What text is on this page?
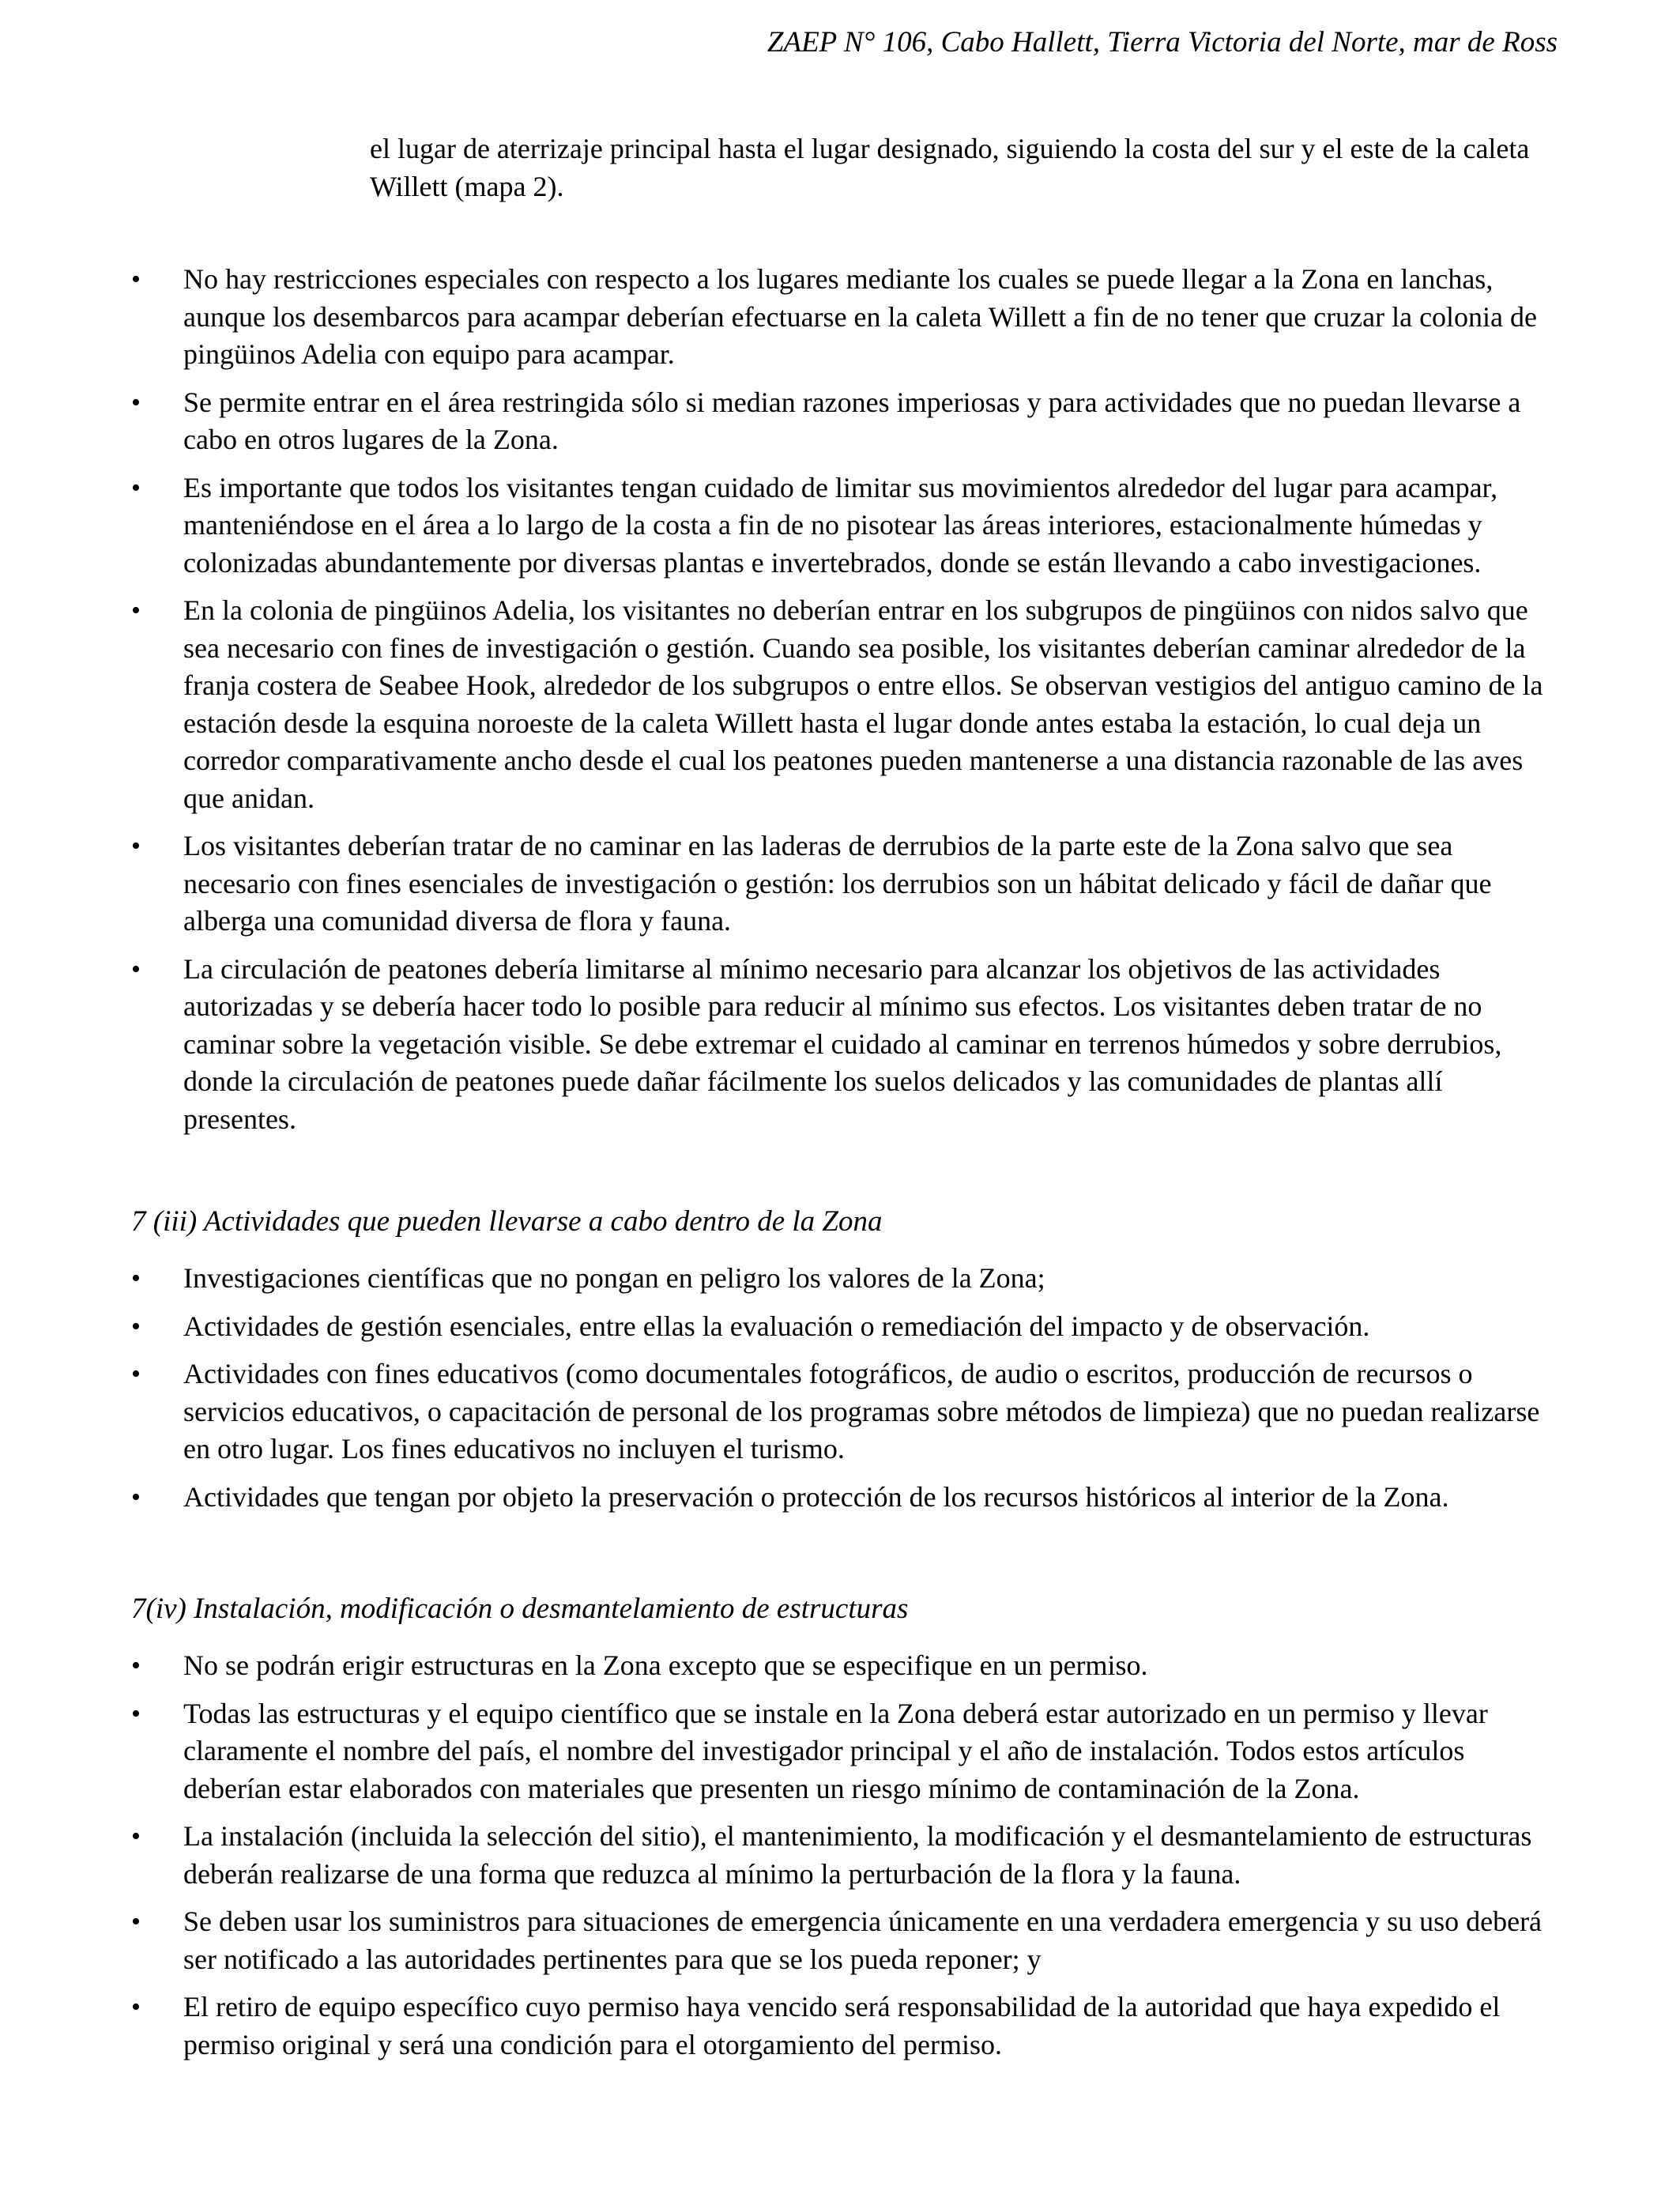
ZAEP N° 106, Cabo Hallett, Tierra Victoria del Norte, mar de Ross

el lugar de aterrizaje principal hasta el lugar designado, siguiendo la costa del sur y el este de la caleta Willett (mapa 2).

• No hay restricciones especiales con respecto a los lugares mediante los cuales se puede llegar a la Zona en lanchas, aunque los desembarcos para acampar deberían efectuarse en la caleta Willett a fin de no tener que cruzar la colonia de pingüinos Adelia con equipo para acampar.
• Se permite entrar en el área restringida sólo si median razones imperiosas y para actividades que no puedan llevarse a cabo en otros lugares de la Zona.
• Es importante que todos los visitantes tengan cuidado de limitar sus movimientos alrededor del lugar para acampar, manteniéndose en el área a lo largo de la costa a fin de no pisotear las áreas interiores, estacionalmente húmedas y colonizadas abundantemente por diversas plantas e invertebrados, donde se están llevando a cabo investigaciones.
• En la colonia de pingüinos Adelia, los visitantes no deberían entrar en los subgrupos de pingüinos con nidos salvo que sea necesario con fines de investigación o gestión. Cuando sea posible, los visitantes deberían caminar alrededor de la franja costera de Seabee Hook, alrededor de los subgrupos o entre ellos. Se observan vestigios del antiguo camino de la estación desde la esquina noroeste de la caleta Willett hasta el lugar donde antes estaba la estación, lo cual deja un corredor comparativamente ancho desde el cual los peatones pueden mantenerse a una distancia razonable de las aves que anidan.
• Los visitantes deberían tratar de no caminar en las laderas de derrubios de la parte este de la Zona salvo que sea necesario con fines esenciales de investigación o gestión: los derrubios son un hábitat delicado y fácil de dañar que alberga una comunidad diversa de flora y fauna.
• La circulación de peatones debería limitarse al mínimo necesario para alcanzar los objetivos de las actividades autorizadas y se debería hacer todo lo posible para reducir al mínimo sus efectos. Los visitantes deben tratar de no caminar sobre la vegetación visible. Se debe extremar el cuidado al caminar en terrenos húmedos y sobre derrubios, donde la circulación de peatones puede dañar fácilmente los suelos delicados y las comunidades de plantas allí presentes.
7 (iii) Actividades que pueden llevarse a cabo dentro de la Zona
• Investigaciones científicas que no pongan en peligro los valores de la Zona;
• Actividades de gestión esenciales, entre ellas la evaluación o remediación del impacto y de observación.
• Actividades con fines educativos (como documentales fotográficos, de audio o escritos, producción de recursos o servicios educativos, o capacitación de personal de los programas sobre métodos de limpieza) que no puedan realizarse en otro lugar. Los fines educativos no incluyen el turismo.
• Actividades que tengan por objeto la preservación o protección de los recursos históricos al interior de la Zona.
7(iv) Instalación, modificación o desmantelamiento de estructuras
• No se podrán erigir estructuras en la Zona excepto que se especifique en un permiso.
• Todas las estructuras y el equipo científico que se instale en la Zona deberá estar autorizado en un permiso y llevar claramente el nombre del país, el nombre del investigador principal y el año de instalación. Todos estos artículos deberían estar elaborados con materiales que presenten un riesgo mínimo de contaminación de la Zona.
• La instalación (incluida la selección del sitio), el mantenimiento, la modificación y el desmantelamiento de estructuras deberán realizarse de una forma que reduzca al mínimo la perturbación de la flora y la fauna.
• Se deben usar los suministros para situaciones de emergencia únicamente en una verdadera emergencia y su uso deberá ser notificado a las autoridades pertinentes para que se los pueda reponer; y
• El retiro de equipo específico cuyo permiso haya vencido será responsabilidad de la autoridad que haya expedido el permiso original y será una condición para el otorgamiento del permiso.
